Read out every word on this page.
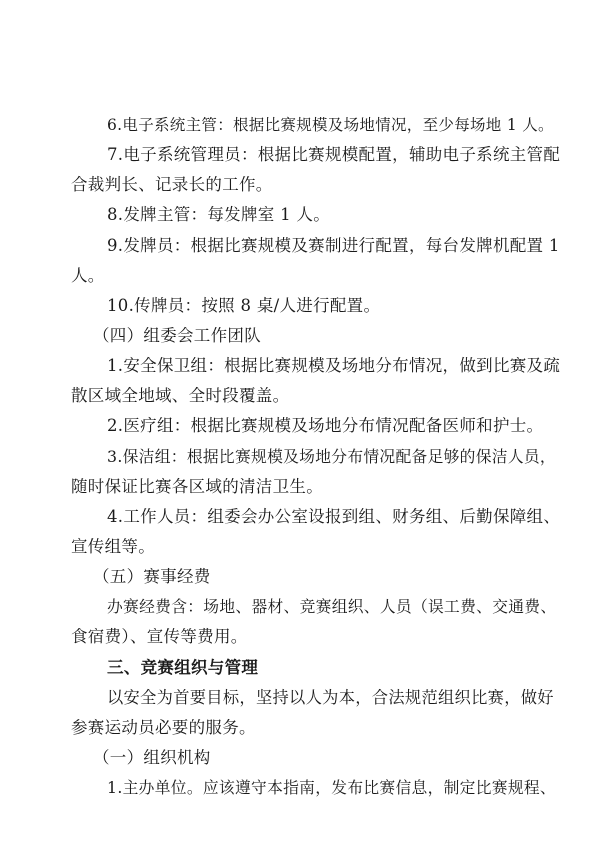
6.电子系统主管：根据比赛规模及场地情况，至少每场地 1 人。
7.电子系统管理员：根据比赛规模配置，辅助电子系统主管配
合裁判长、记录长的工作。
8.发牌主管：每发牌室 1 人。
9.发牌员：根据比赛规模及赛制进行配置，每台发牌机配置 1
人。
10.传牌员：按照 8 桌/人进行配置。
（四）组委会工作团队
1.安全保卫组：根据比赛规模及场地分布情况，做到比赛及疏
散区域全地域、全时段覆盖。
2.医疗组：根据比赛规模及场地分布情况配备医师和护士。
3.保洁组：根据比赛规模及场地分布情况配备足够的保洁人员，
随时保证比赛各区域的清洁卫生。
4.工作人员：组委会办公室设报到组、财务组、后勤保障组、
宣传组等。
（五）赛事经费
办赛经费含：场地、器材、竞赛组织、人员（误工费、交通费、
食宿费）、宣传等费用。
三、竞赛组织与管理
以安全为首要目标，坚持以人为本，合法规范组织比赛，做好
参赛运动员必要的服务。
（一）组织机构
1.主办单位。应该遵守本指南，发布比赛信息，制定比赛规程、
